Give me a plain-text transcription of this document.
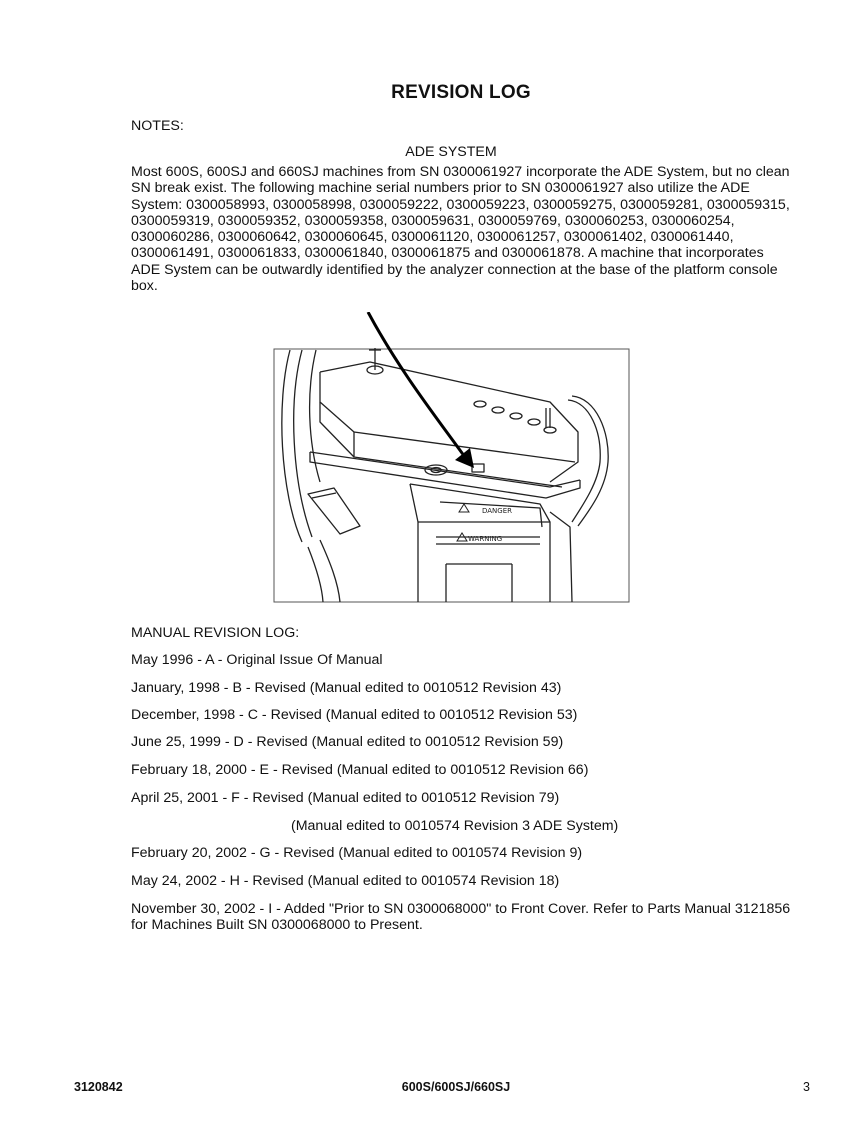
REVISION LOG
NOTES:
ADE SYSTEM
Most 600S, 600SJ and 660SJ machines from SN 0300061927 incorporate the ADE System, but no clean SN break exist. The following machine serial numbers prior to SN 0300061927 also utilize the ADE System: 0300058993, 0300058998, 0300059222, 0300059223, 0300059275, 0300059281, 0300059315, 0300059319, 0300059352, 0300059358, 0300059631, 0300059769, 0300060253, 0300060254, 0300060286, 0300060642, 0300060645, 0300061120, 0300061257, 0300061402, 0300061440, 0300061491, 0300061833, 0300061840, 0300061875 and 0300061878. A machine that incorporates ADE System can be outwardly identified by the analyzer connection at the base of the platform console box.
DANGER
WARNING
MANUAL REVISION LOG:
May 1996 - A - Original Issue Of Manual
January, 1998 - B - Revised (Manual edited to 0010512 Revision 43)
December, 1998 - C - Revised (Manual edited to 0010512 Revision 53)
June 25, 1999 - D - Revised (Manual edited to 0010512 Revision 59)
February 18, 2000 - E - Revised (Manual edited to 0010512 Revision 66)
April 25, 2001 - F - Revised (Manual edited to 0010512 Revision 79)
(Manual edited to 0010574 Revision 3 ADE System)
February 20, 2002 - G - Revised (Manual edited to 0010574 Revision 9)
May 24, 2002 - H - Revised (Manual edited to 0010574 Revision 18)
November 30, 2002 - I - Added "Prior to SN 0300068000" to Front Cover. Refer to Parts Manual 3121856 for Machines Built SN 0300068000 to Present.
3120842	600S/600SJ/660SJ	3
